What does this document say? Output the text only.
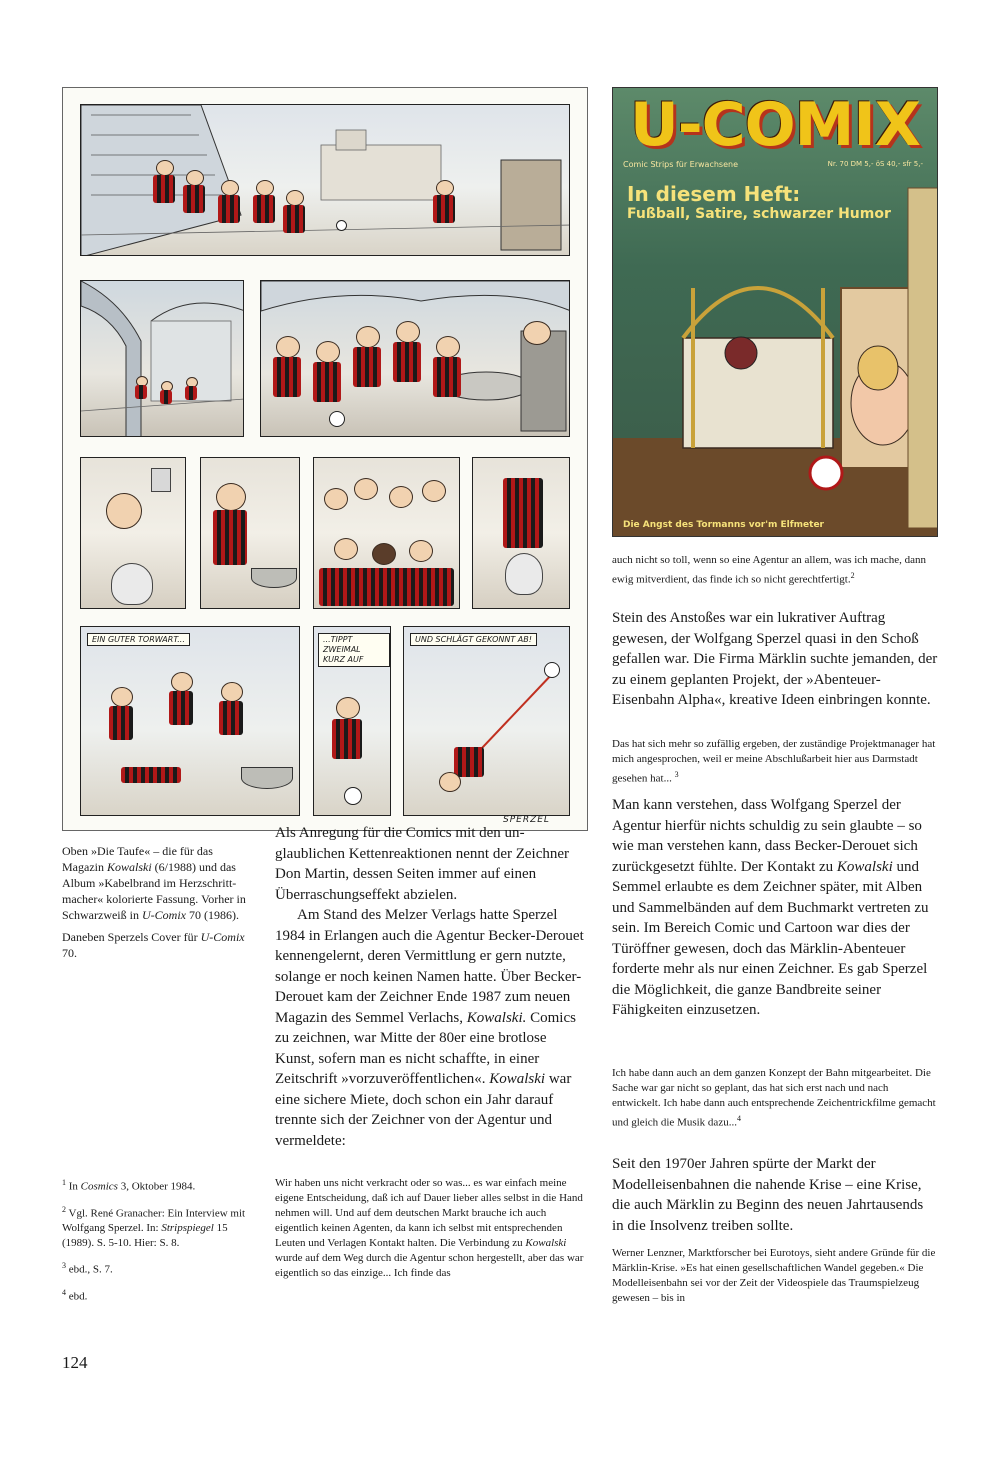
EIN GUTER TORWART...	...TIPPT ZWEIMAL KURZ AUF
UND SCHLÄGT GEKONNT AB!
SPERZEL
U-COMIX
Comic Strips für Erwachsene	Nr. 70 DM 5,- öS 40,- sfr 5,-
In diesem Heft:
Fußball, Satire, schwarzer Humor
Die Angst des Tormanns vor'm Elfmeter

Oben »Die Taufe« – die für das Magazin Kowalski (6/1988) und das Album »Kabelbrand im Herzschrittmacher« kolorierte Fassung. Vorher in Schwarzweiß in U-Comix 70 (1986).

Daneben Sperzels Cover für U-Comix 70.

$^1$ In Cosmics 3, Oktober 1984.

$^2$ Vgl. René Granacher: Ein Interview mit Wolfgang Sperzel. In: Stripspiegel 15 (1989). S. 5-10. Hier: S. 8.

$^3$ ebd., S. 7.

$^4$ ebd.

124

Als Anregung für die Comics mit den unglaublichen Kettenreaktionen nennt der Zeichner Don Martin, dessen Seiten immer auf einen Überraschungseffekt abzielen.

Am Stand des Melzer Verlags hatte Sperzel 1984 in Erlangen auch die Agentur Becker-Derouet kennengelernt, deren Vermittlung er gern nutzte, solange er noch keinen Namen hatte. Über Becker-Derouet kam der Zeichner Ende 1987 zum neuen Magazin des Semmel Verlachs, Kowalski. Comics zu zeichnen, war Mitte der 80er eine brotlose Kunst, sofern man es nicht schaffte, in einer Zeitschrift »vorzuveröffentlichen«. Kowalski war eine sichere Miete, doch schon ein Jahr darauf trennte sich der Zeichner von der Agentur und vermeldete:

Wir haben uns nicht verkracht oder so was... es war einfach meine eigene Entscheidung, daß ich auf Dauer lieber alles selbst in die Hand nehmen will. Und auf dem deutschen Markt brauche ich auch eigentlich keinen Agenten, da kann ich selbst mit entsprechenden Leuten und Verlagen Kontakt halten. Die Verbindung zu Kowalski wurde auf dem Weg durch die Agentur schon hergestellt, aber das war eigentlich so das einzige... Ich finde das

auch nicht so toll, wenn so eine Agentur an allem, was ich mache, dann ewig mitverdient, das finde ich so nicht gerechtfertigt.$^2$

Stein des Anstoßes war ein lukrativer Auftrag gewesen, der Wolfgang Sperzel quasi in den Schoß gefallen war. Die Firma Märklin suchte jemanden, der zu einem geplanten Projekt, der »Abenteuer-Eisenbahn Alpha«, kreative Ideen einbringen konnte.

Das hat sich mehr so zufällig ergeben, der zuständige Projektmanager hat mich angesprochen, weil er meine Abschlußarbeit hier aus Darmstadt gesehen hat... $^3$

Man kann verstehen, dass Wolfgang Sperzel der Agentur hierfür nichts schuldig zu sein glaubte – so wie man verstehen kann, dass Becker-Derouet sich zurückgesetzt fühlte. Der Kontakt zu Kowalski und Semmel erlaubte es dem Zeichner später, mit Alben und Sammelbänden auf dem Buchmarkt vertreten zu sein. Im Bereich Comic und Cartoon war dies der Türöffner gewesen, doch das Märklin-Abenteuer forderte mehr als nur einen Zeichner. Es gab Sperzel die Möglichkeit, die ganze Bandbreite seiner Fähigkeiten einzusetzen.

Ich habe dann auch an dem ganzen Konzept der Bahn mitgearbeitet. Die Sache war gar nicht so geplant, das hat sich erst nach und nach entwickelt. Ich habe dann auch entsprechende Zeichentrickfilme gemacht und gleich die Musik dazu...$^4$

Seit den 1970er Jahren spürte der Markt der Modelleisenbahnen die nahende Krise – eine Krise, die auch Märklin zu Beginn des neuen Jahrtausends in die Insolvenz treiben sollte.
Werner Lenzner, Marktforscher bei Eurotoys, sieht andere Gründe für die Märklin-Krise. »Es hat einen gesellschaftlichen Wandel gegeben.« Die Modelleisenbahn sei vor der Zeit der Videospiele das Traumspielzeug gewesen – bis in
